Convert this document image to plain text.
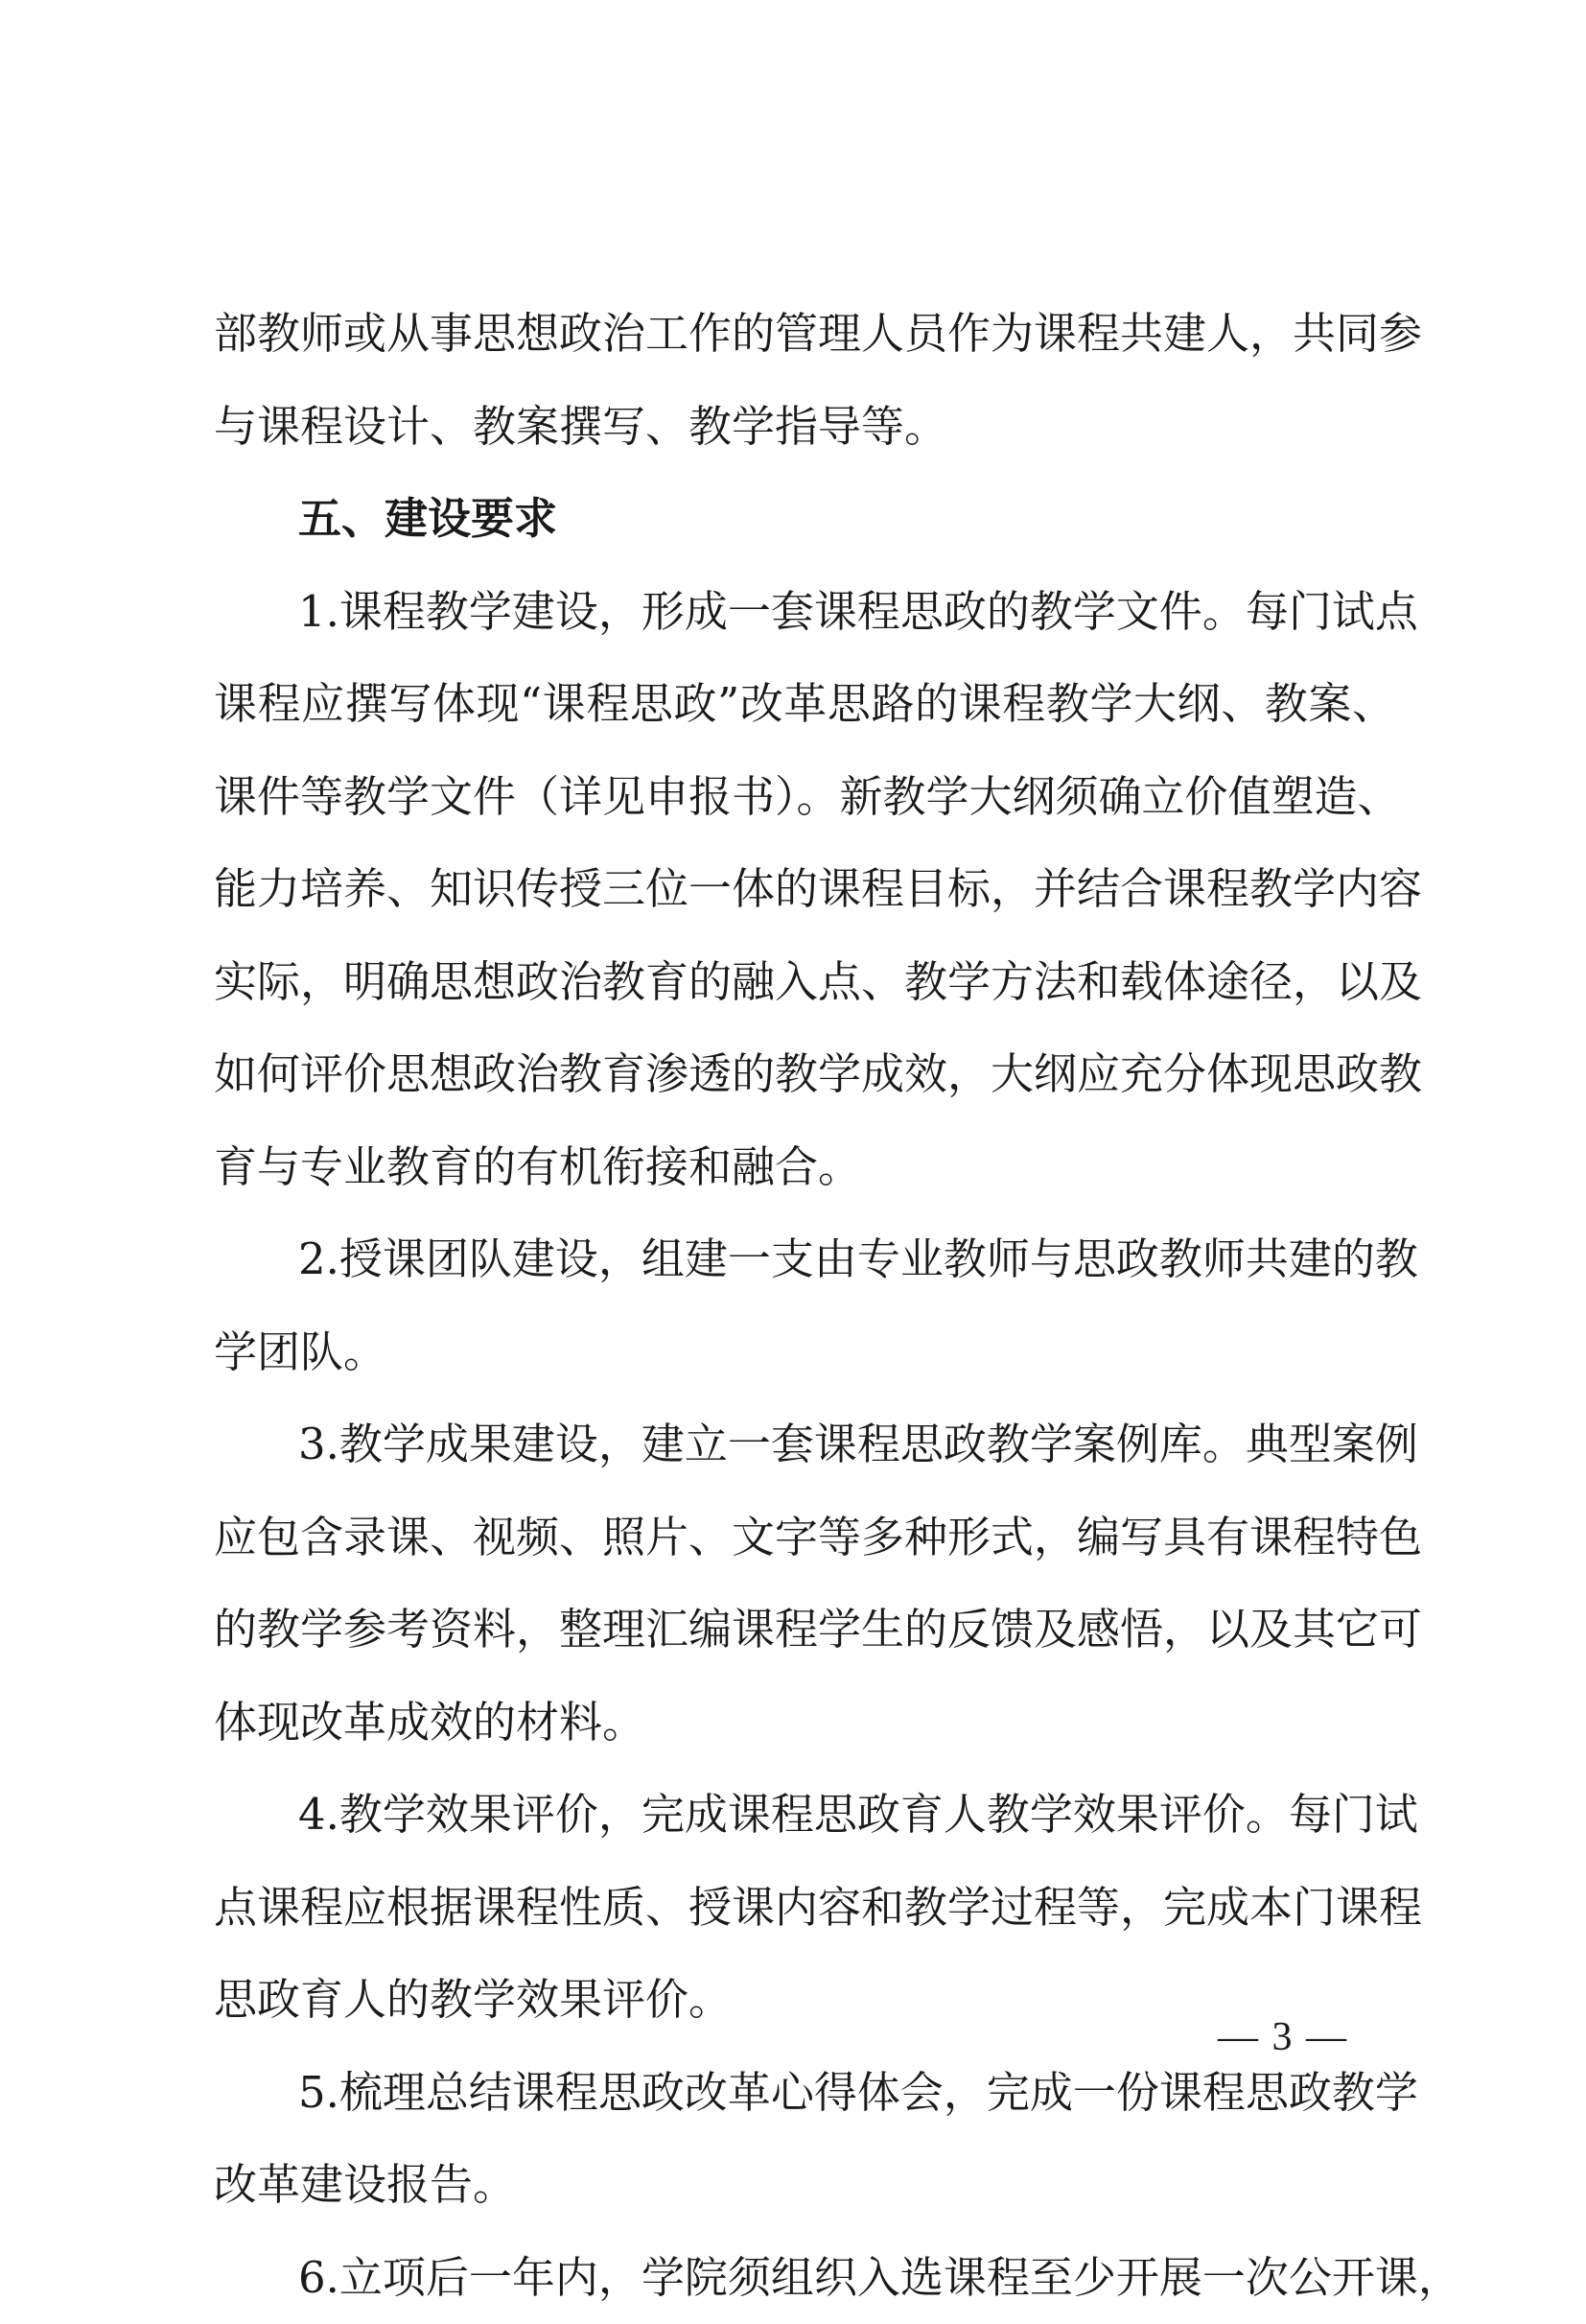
部教师或从事思想政治工作的管理人员作为课程共建人，共同参
与课程设计、教案撰写、教学指导等。
五、建设要求
1.课程教学建设，形成一套课程思政的教学文件。每门试点
课程应撰写体现“课程思政”改革思路的课程教学大纲、教案、
课件等教学文件（详见申报书）。新教学大纲须确立价值塑造、
能力培养、知识传授三位一体的课程目标，并结合课程教学内容
实际，明确思想政治教育的融入点、教学方法和载体途径，以及
如何评价思想政治教育渗透的教学成效，大纲应充分体现思政教
育与专业教育的有机衔接和融合。
2.授课团队建设，组建一支由专业教师与思政教师共建的教
学团队。
3.教学成果建设，建立一套课程思政教学案例库。典型案例
应包含录课、视频、照片、文字等多种形式，编写具有课程特色
的教学参考资料，整理汇编课程学生的反馈及感悟，以及其它可
体现改革成效的材料。
4.教学效果评价，完成课程思政育人教学效果评价。每门试
点课程应根据课程性质、授课内容和教学过程等，完成本门课程
思政育人的教学效果评价。
5.梳理总结课程思政改革心得体会，完成一份课程思政教学
改革建设报告。
6.立项后一年内，学院须组织入选课程至少开展一次公开课，
— 3 —
